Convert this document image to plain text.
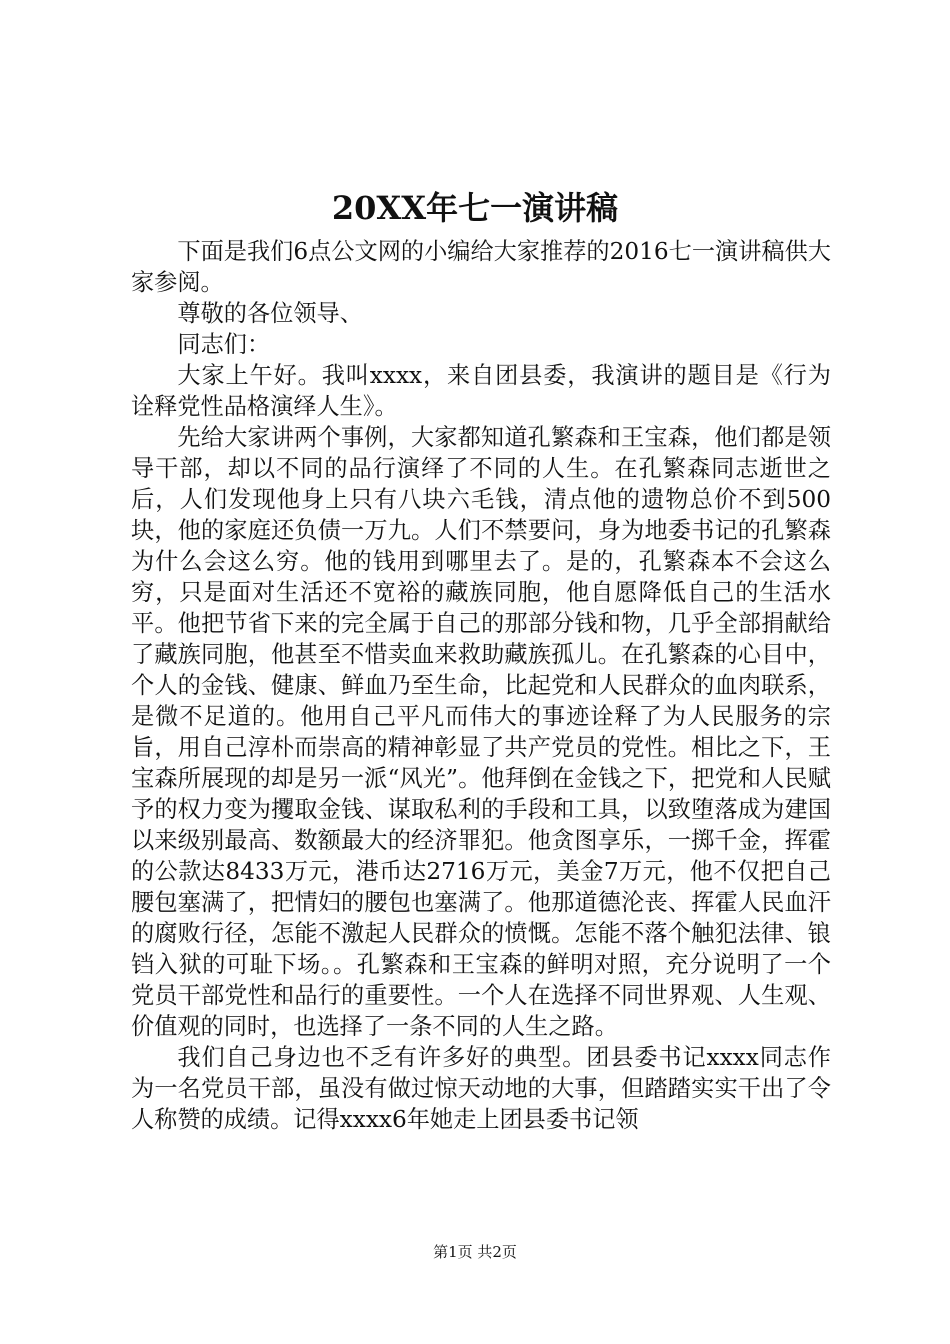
20XX年七一演讲稿

下面是我们6点公文网的小编给大家推荐的2016七一演讲稿供大家参阅。

尊敬的各位领导、

同志们：

大家上午好。我叫xxxx，来自团县委，我演讲的题目是《行为诠释党性品格演绎人生》。

先给大家讲两个事例，大家都知道孔繁森和王宝森，他们都是领导干部，却以不同的品行演绎了不同的人生。在孔繁森同志逝世之后，人们发现他身上只有八块六毛钱，清点他的遗物总价不到500块，他的家庭还负债一万九。人们不禁要问，身为地委书记的孔繁森为什么会这么穷。他的钱用到哪里去了。是的，孔繁森本不会这么穷，只是面对生活还不宽裕的藏族同胞，他自愿降低自己的生活水平。他把节省下来的完全属于自己的那部分钱和物，几乎全部捐献给了藏族同胞，他甚至不惜卖血来救助藏族孤儿。在孔繁森的心目中，个人的金钱、健康、鲜血乃至生命，比起党和人民群众的血肉联系，是微不足道的。他用自己平凡而伟大的事迹诠释了为人民服务的宗旨，用自己淳朴而崇高的精神彰显了共产党员的党性。相比之下，王宝森所展现的却是另一派“风光”。他拜倒在金钱之下，把党和人民赋予的权力变为攫取金钱、谋取私利的手段和工具，以致堕落成为建国以来级别最高、数额最大的经济罪犯。他贪图享乐，一掷千金，挥霍的公款达8433万元，港币达2716万元，美金7万元，他不仅把自己腰包塞满了，把情妇的腰包也塞满了。他那道德沦丧、挥霍人民血汗的腐败行径，怎能不激起人民群众的愤慨。怎能不落个触犯法律、锒铛入狱的可耻下场。。孔繁森和王宝森的鲜明对照，充分说明了一个党员干部党性和品行的重要性。一个人在选择不同世界观、人生观、价值观的同时，也选择了一条不同的人生之路。

我们自己身边也不乏有许多好的典型。团县委书记xxxx同志作为一名党员干部，虽没有做过惊天动地的大事，但踏踏实实干出了令人称赞的成绩。记得xxxx6年她走上团县委书记领

第1页 共2页
